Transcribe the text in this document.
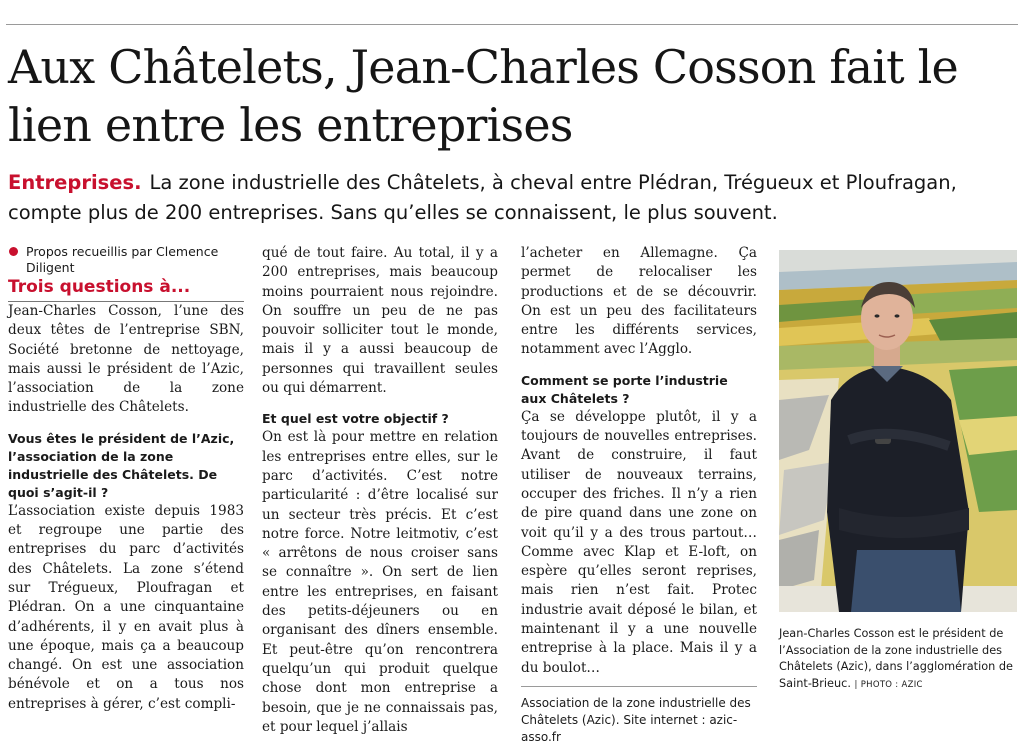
Aux Châtelets, Jean-Charles Cosson fait le lien entre les entreprises

Entreprises. La zone industrielle des Châtelets, à cheval entre Plédran, Trégueux et Ploufragan, compte plus de 200 entreprises. Sans qu’elles se connaissent, le plus souvent.

Propos recueillis par Clemence Diligent

Trois questions à...

Jean-Charles Cosson, l’une des deux têtes de l’entreprise SBN, Société bretonne de nettoyage, mais aussi le président de l’Azic, l’association de la zone industrielle des Châtelets.

Vous êtes le président de l’Azic, l’association de la zone industrielle des Châtelets. De quoi s’agit-il ?

L’association existe depuis 1983 et regroupe une partie des entreprises du parc d’activités des Châtelets. La zone s’étend sur Trégueux, Ploufragan et Plédran. On a une cinquantaine d’adhérents, il y en avait plus à une époque, mais ça a beaucoup changé. On est une association bénévole et on a tous nos entreprises à gérer, c’est compli-

qué de tout faire. Au total, il y a 200 entreprises, mais beaucoup moins pourraient nous rejoindre. On souffre un peu de ne pas pouvoir solliciter tout le monde, mais il y a aussi beaucoup de personnes qui travaillent seules ou qui démarrent.

Et quel est votre objectif ?

On est là pour mettre en relation les entreprises entre elles, sur le parc d’activités. C’est notre particularité : d’être localisé sur un secteur très précis. Et c’est notre force. Notre leitmotiv, c’est « arrêtons de nous croiser sans se connaître ». On sert de lien entre les entreprises, en faisant des petits-déjeuners ou en organisant des dîners ensemble. Et peut-être qu’on rencontrera quelqu’un qui produit quelque chose dont mon entreprise a besoin, que je ne connaissais pas, et pour lequel j’allais

l’acheter en Allemagne. Ça permet de relocaliser les productions et de se découvrir. On est un peu des facilitateurs entre les différents services, notamment avec l’Agglo.

Comment se porte l’industrie aux Châtelets ?

Ça se développe plutôt, il y a toujours de nouvelles entreprises. Avant de construire, il faut utiliser de nouveaux terrains, occuper des friches. Il n’y a rien de pire quand dans une zone on voit qu’il y a des trous partout… Comme avec Klap et E-loft, on espère qu’elles seront reprises, mais rien n’est fait. Protec industrie avait déposé le bilan, et maintenant il y a une nouvelle entreprise à la place. Mais il y a du boulot…

Association de la zone industrielle des Châtelets (Azic). Site internet : azic-asso.fr

Jean-Charles Cosson est le président de l’Association de la zone industrielle des Châtelets (Azic), dans l’agglomération de Saint-Brieuc. | PHOTO : AZIC
